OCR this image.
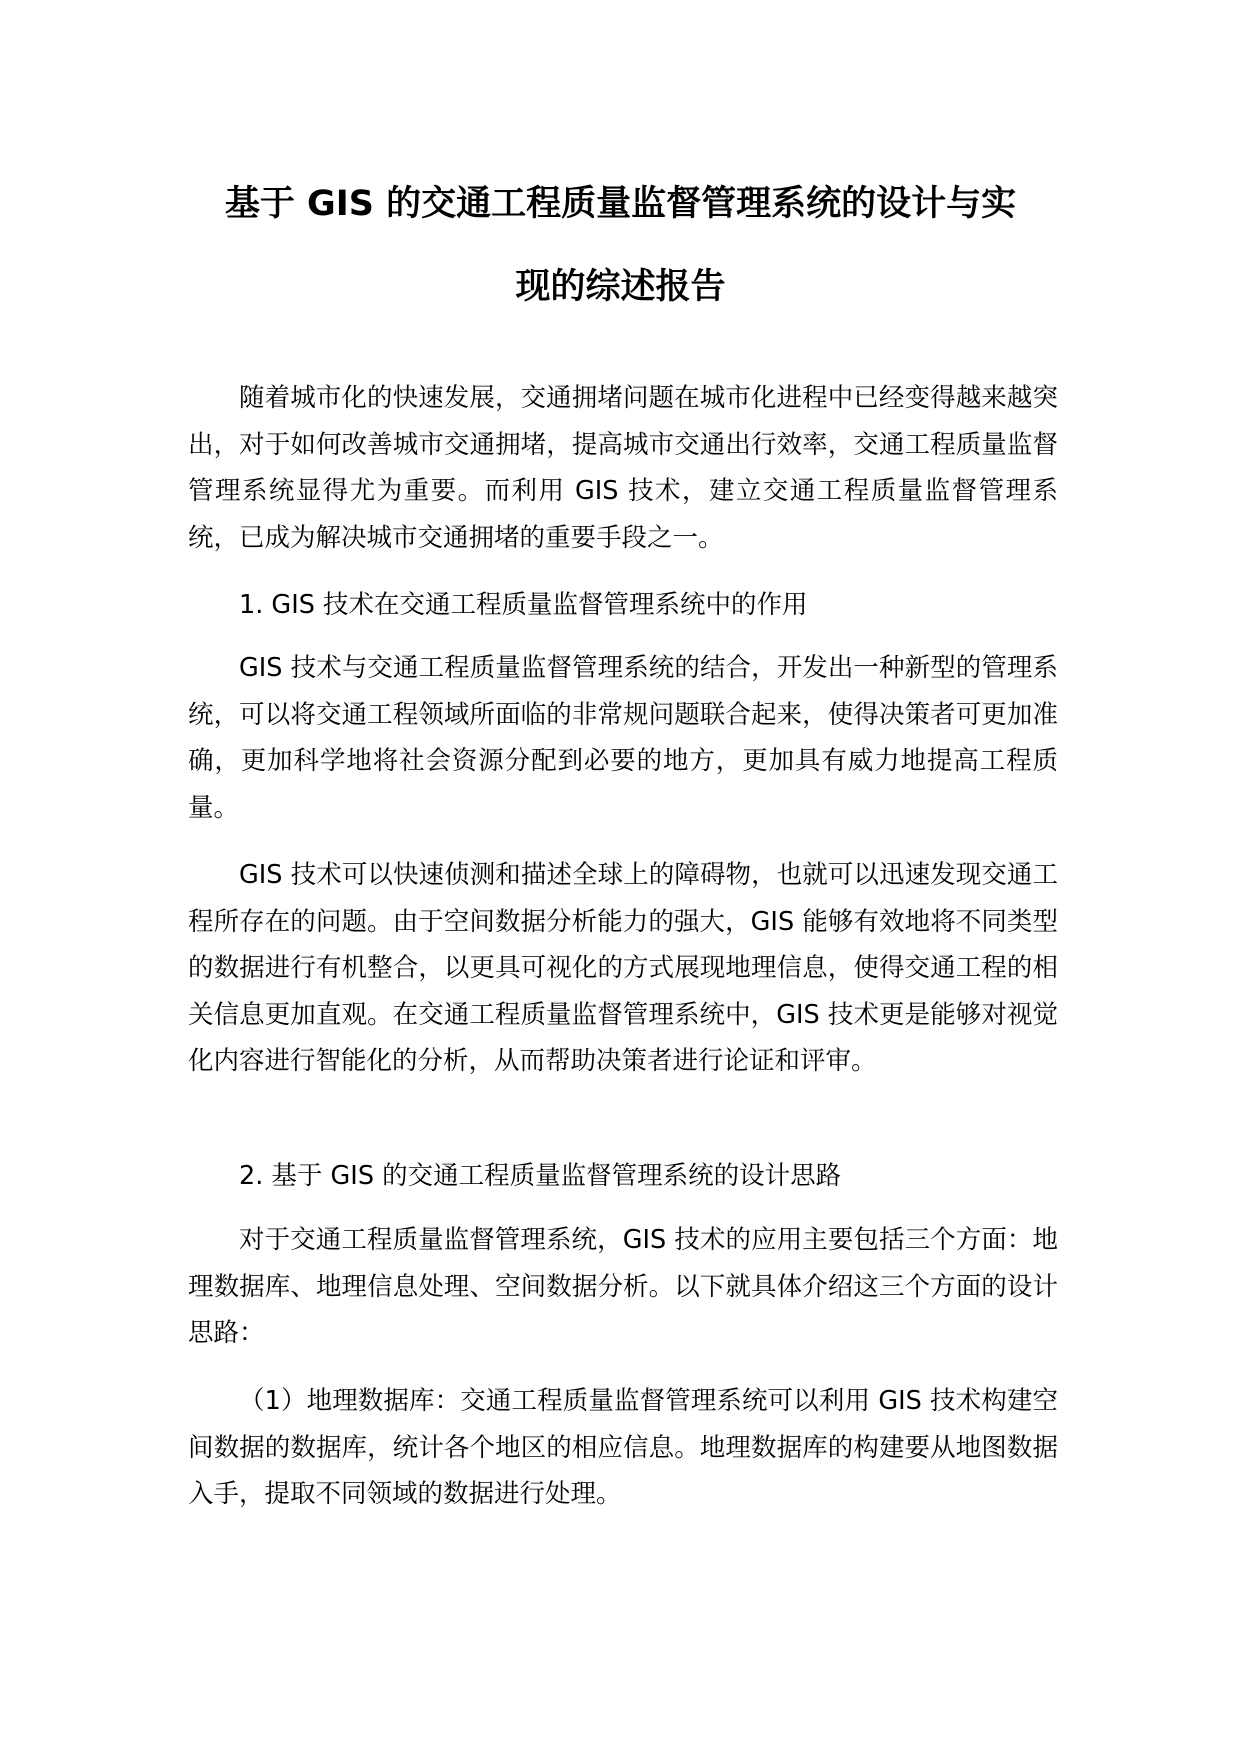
基于 GIS 的交通工程质量监督管理系统的设计与实
现的综述报告

随着城市化的快速发展，交通拥堵问题在城市化进程中已经变得越来越突出，对于如何改善城市交通拥堵，提高城市交通出行效率，交通工程质量监督管理系统显得尤为重要。而利用 GIS 技术，建立交通工程质量监督管理系统，已成为解决城市交通拥堵的重要手段之一。

1. GIS 技术在交通工程质量监督管理系统中的作用

GIS 技术与交通工程质量监督管理系统的结合，开发出一种新型的管理系统，可以将交通工程领域所面临的非常规问题联合起来，使得决策者可更加准确，更加科学地将社会资源分配到必要的地方，更加具有威力地提高工程质量。

GIS 技术可以快速侦测和描述全球上的障碍物，也就可以迅速发现交通工程所存在的问题。由于空间数据分析能力的强大，GIS 能够有效地将不同类型的数据进行有机整合，以更具可视化的方式展现地理信息，使得交通工程的相关信息更加直观。在交通工程质量监督管理系统中，GIS 技术更是能够对视觉化内容进行智能化的分析，从而帮助决策者进行论证和评审。

2. 基于 GIS 的交通工程质量监督管理系统的设计思路

对于交通工程质量监督管理系统，GIS 技术的应用主要包括三个方面：地理数据库、地理信息处理、空间数据分析。以下就具体介绍这三个方面的设计思路：

（1）地理数据库：交通工程质量监督管理系统可以利用 GIS 技术构建空间数据的数据库，统计各个地区的相应信息。地理数据库的构建要从地图数据入手，提取不同领域的数据进行处理。
